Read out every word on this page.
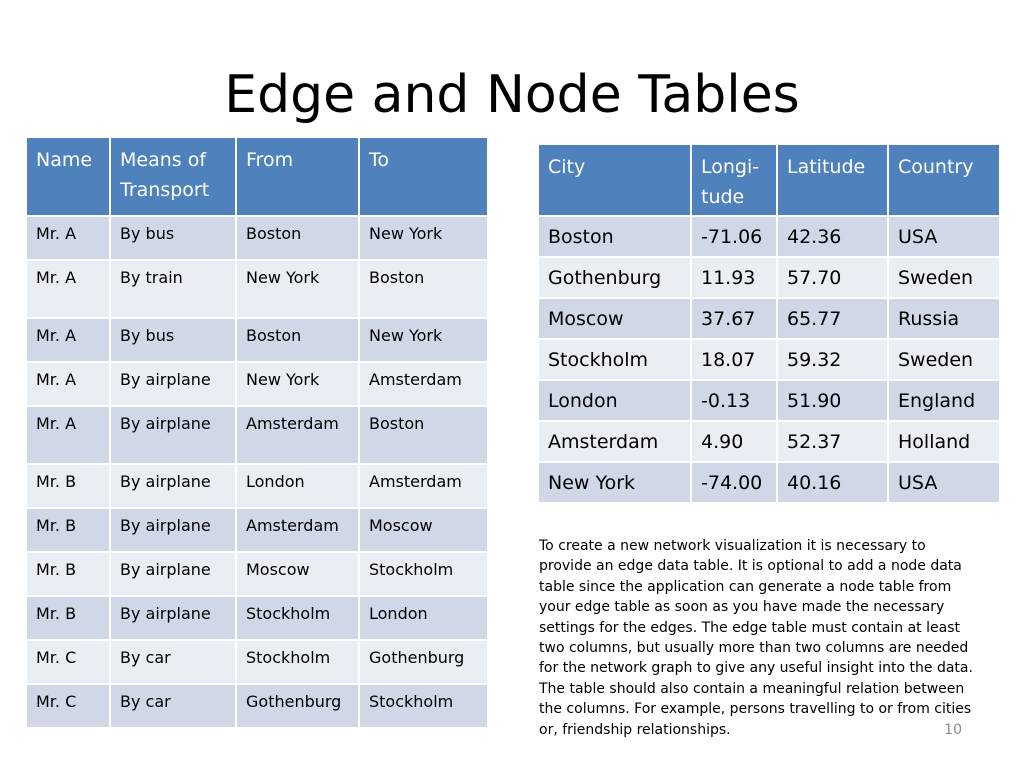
Edge and Node Tables
Name	Means of Transport	From	To
Mr. A	By bus	Boston	New York
Mr. A	By train	New York	Boston
Mr. A	By bus	Boston	New York
Mr. A	By airplane	New York	Amsterdam
Mr. A	By airplane	Amsterdam	Boston
Mr. B	By airplane	London	Amsterdam
Mr. B	By airplane	Amsterdam	Moscow
Mr. B	By airplane	Moscow	Stockholm
Mr. B	By airplane	Stockholm	London
Mr. C	By car	Stockholm	Gothenburg
Mr. C	By car	Gothenburg	Stockholm
City	Longi-tude	Latitude	Country
Boston	-71.06	42.36	USA
Gothenburg	11.93	57.70	Sweden
Moscow	37.67	65.77	Russia
Stockholm	18.07	59.32	Sweden
London	-0.13	51.90	England
Amsterdam	4.90	52.37	Holland
New York	-74.00	40.16	USA
To create a new network visualization it is necessary to provide an edge data table. It is optional to add a node data table since the application can generate a node table from your edge table as soon as you have made the necessary settings for the edges. The edge table must contain at least two columns, but usually more than two columns are needed for the network graph to give any useful insight into the data. The table should also contain a meaningful relation between the columns. For example, persons travelling to or from cities or, friendship relationships.	10
